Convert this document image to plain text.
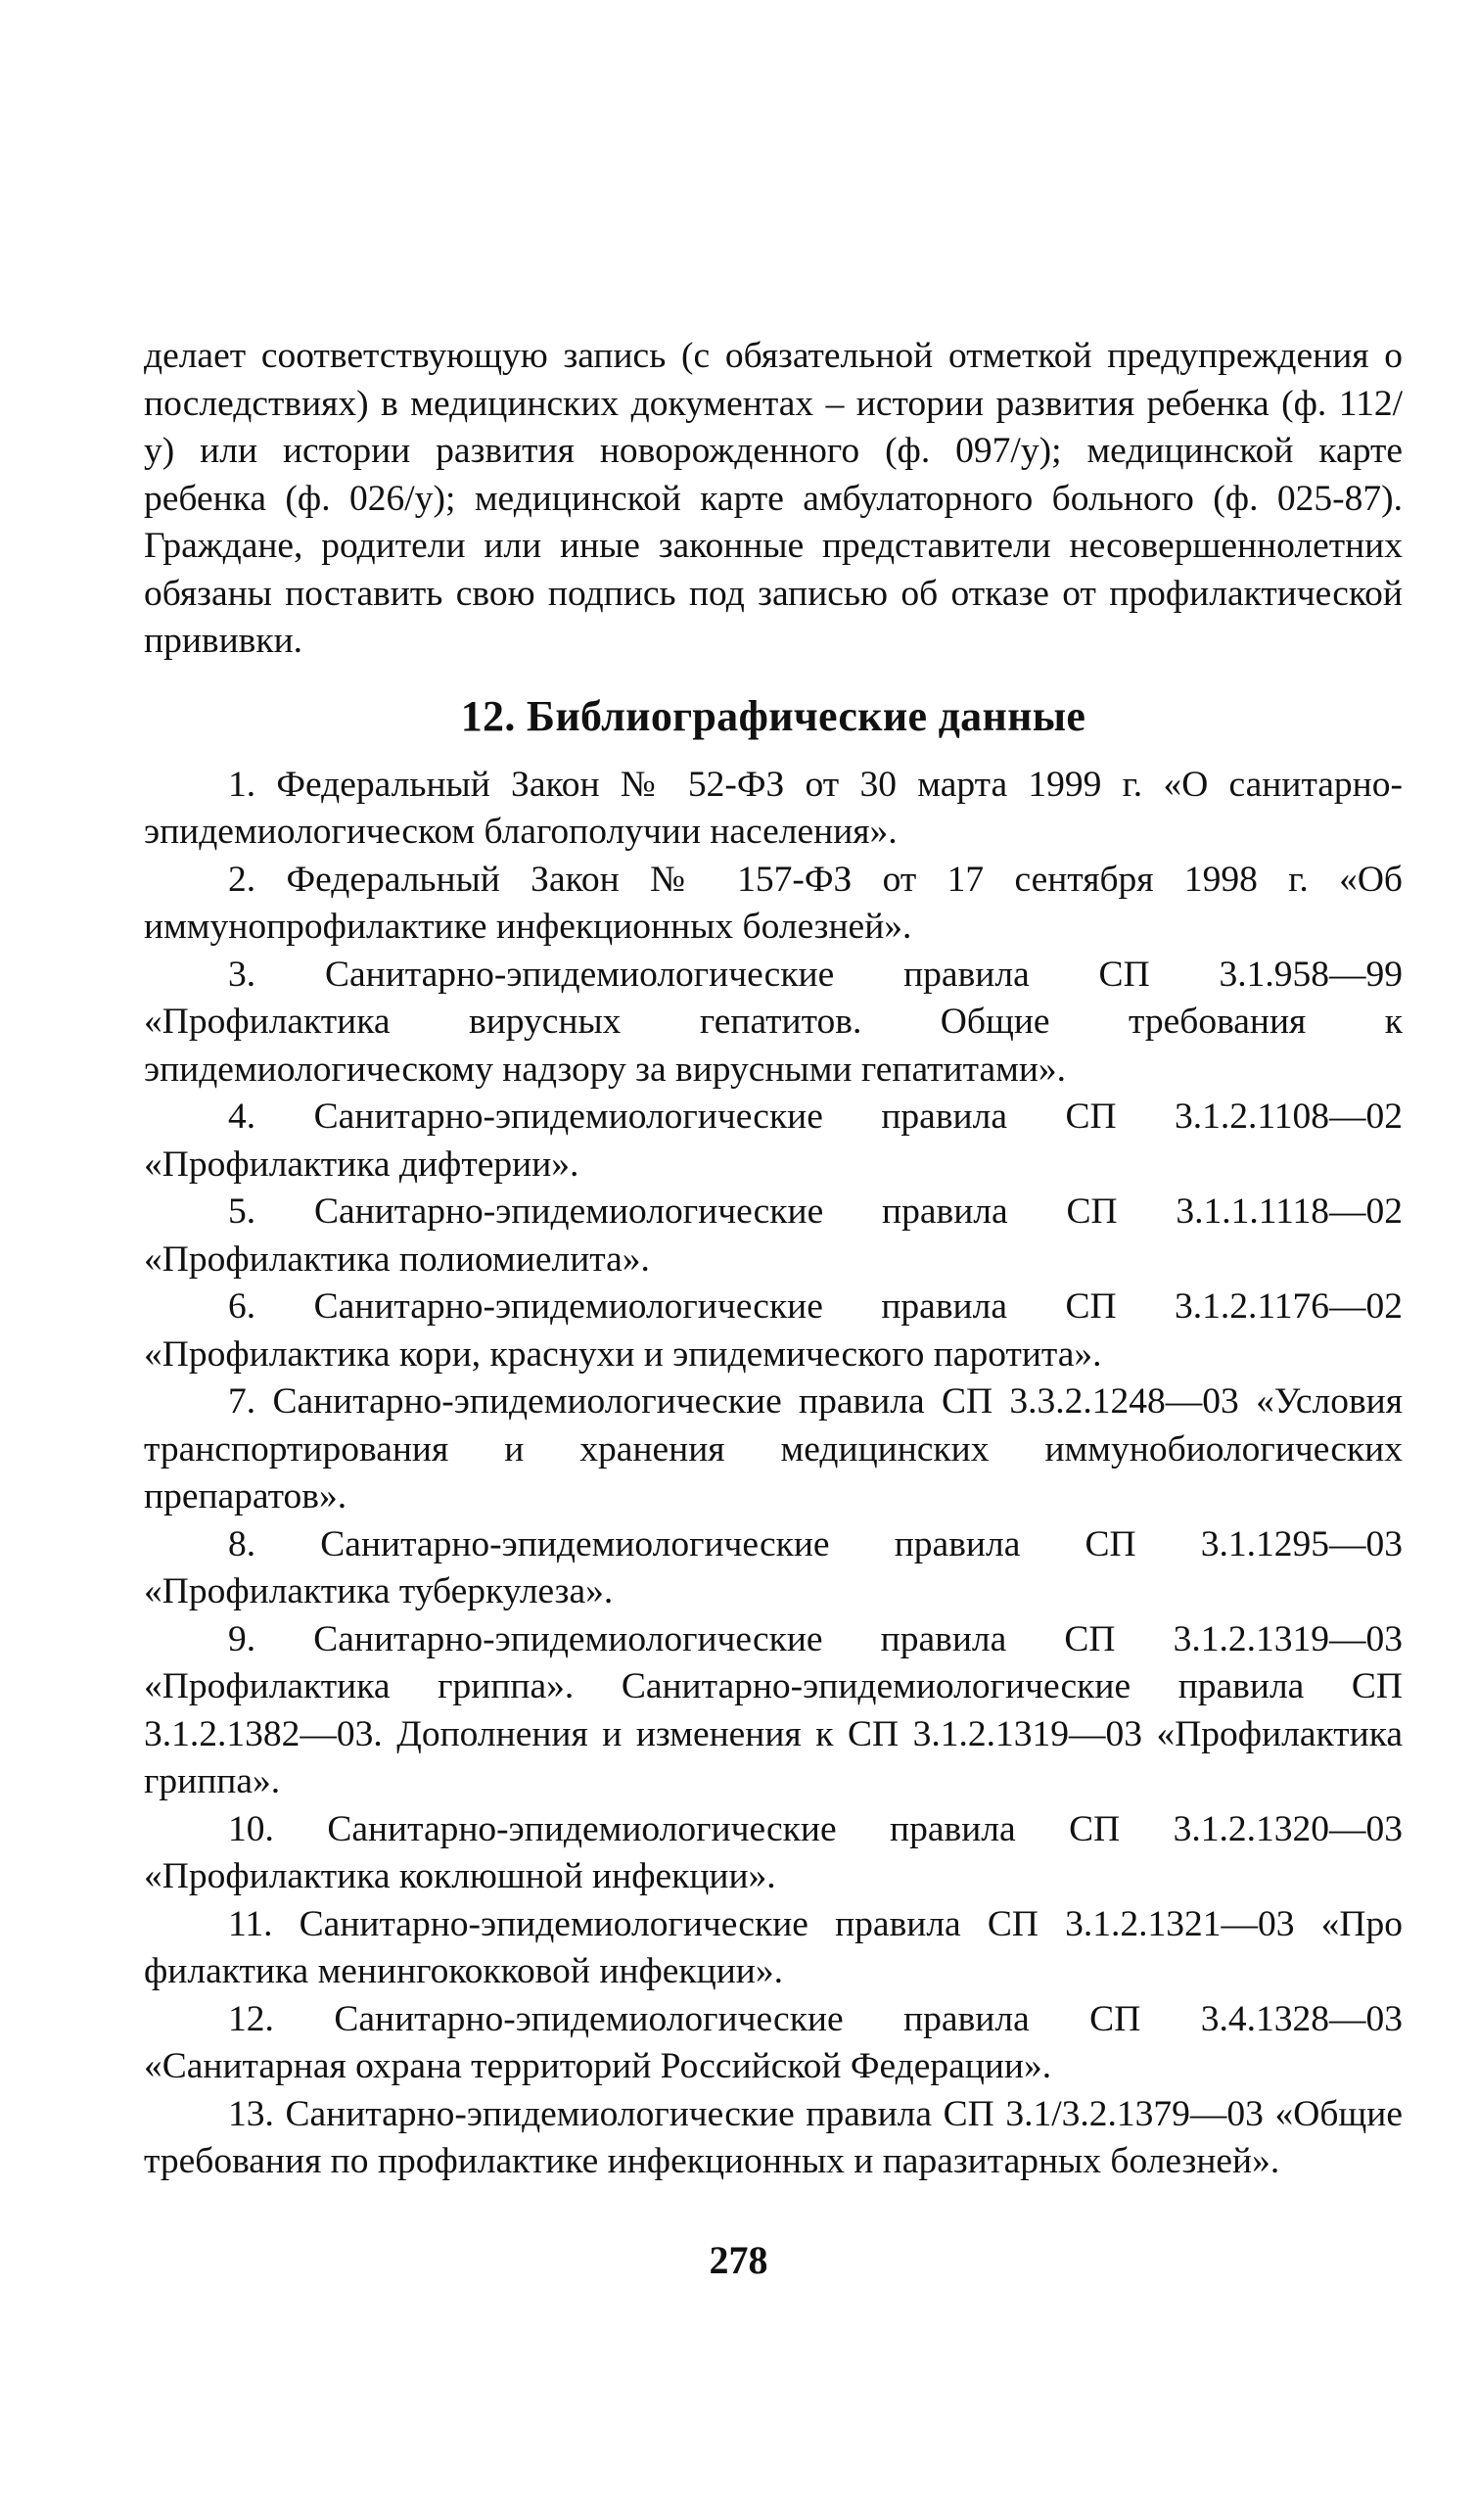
делает соответствующую запись (с обязательной отметкой предупреждения о последствиях) в медицинских документах – истории развития ребенка (ф. 112/у) или истории развития новорожденного (ф. 097/у); медицинской карте ребенка (ф. 026/у); медицинской карте амбулаторного больного (ф. 025-87). Граждане, родители или иные законные представители несовершеннолетних обязаны поставить свою подпись под записью об отказе от профилактической прививки.

12. Библиографические данные
1. Федеральный Закон № 52-ФЗ от 30 марта 1999 г. «О санитарно-эпидемиологическом благополучии населения».
2. Федеральный Закон № 157-ФЗ от 17 сентября 1998 г. «Об иммунопрофилактике инфекционных болезней».
3. Санитарно-эпидемиологические правила СП 3.1.958—99 «Профилактика вирусных гепатитов. Общие требования к эпидемиологическому надзору за вирусными гепатитами».
4. Санитарно-эпидемиологические правила СП 3.1.2.1108—02 «Профилактика дифтерии».
5. Санитарно-эпидемиологические правила СП 3.1.1.1118—02 «Профилактика полиомиелита».
6. Санитарно-эпидемиологические правила СП 3.1.2.1176—02 «Профилактика кори, краснухи и эпидемического паротита».
7. Санитарно-эпидемиологические правила СП 3.3.2.1248—03 «Условия транспортирования и хранения медицинских иммунобиологических препаратов».
8. Санитарно-эпидемиологические правила СП 3.1.1295—03 «Профилактика туберкулеза».
9. Санитарно-эпидемиологические правила СП 3.1.2.1319—03 «Профилактика гриппа». Санитарно-эпидемиологические правила СП 3.1.2.1382—03. Дополнения и изменения к СП 3.1.2.1319—03 «Профилактика гриппа».
10. Санитарно-эпидемиологические правила СП 3.1.2.1320—03 «Профилактика коклюшной инфекции».
11. Санитарно-эпидемиологические правила СП 3.1.2.1321—03 «Про филактика менингококковой инфекции».
12. Санитарно-эпидемиологические правила СП 3.4.1328—03 «Санитарная охрана территорий Российской Федерации».
13. Санитарно-эпидемиологические правила СП 3.1/3.2.1379—03 «Общие требования по профилактике инфекционных и паразитарных болезней».
278
